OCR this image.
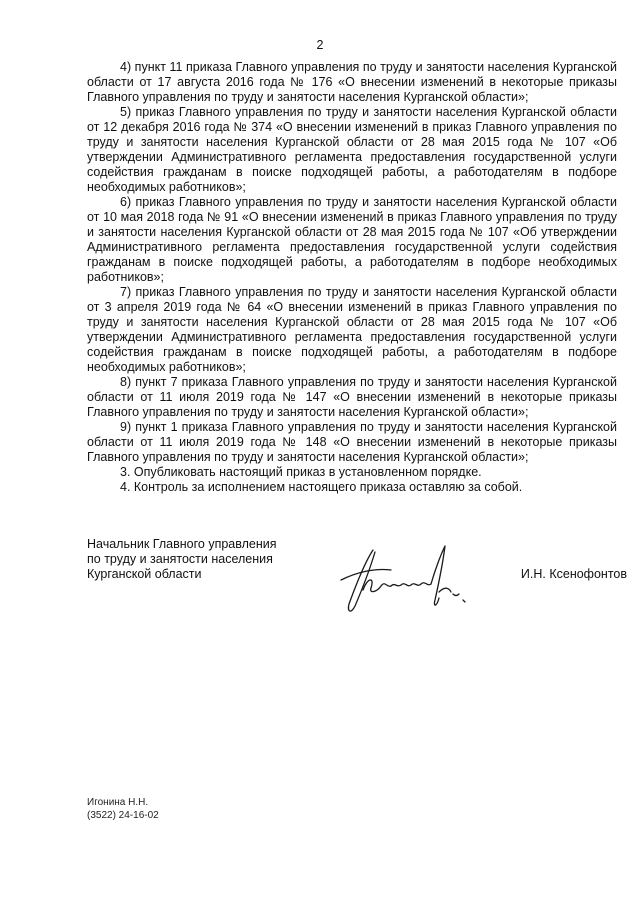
2

4) пункт 11 приказа Главного управления по труду и занятости населения Курганской области от 17 августа 2016 года № 176 «О внесении изменений в некоторые приказы Главного управления по труду и занятости населения Курганской области»;

5) приказ Главного управления по труду и занятости населения Курганской области от 12 декабря 2016 года № 374 «О внесении изменений в приказ Главного управления по труду и занятости населения Курганской области от 28 мая 2015 года № 107 «Об утверждении Административного регламента предоставления государственной услуги содействия гражданам в поиске подходящей работы, а работодателям в подборе необходимых работников»;

6) приказ Главного управления по труду и занятости населения Курганской области от 10 мая 2018 года № 91 «О внесении изменений в приказ Главного управления по труду и занятости населения Курганской области от 28 мая 2015 года № 107 «Об утверждении Административного регламента предоставления государственной услуги содействия гражданам в поиске подходящей работы, а работодателям в подборе необходимых работников»;

7) приказ Главного управления по труду и занятости населения Курганской области от 3 апреля 2019 года № 64 «О внесении изменений в приказ Главного управления по труду и занятости населения Курганской области от 28 мая 2015 года № 107 «Об утверждении Административного регламента предоставления государственной услуги содействия гражданам в поиске подходящей работы, а работодателям в подборе необходимых работников»;

8) пункт 7 приказа Главного управления по труду и занятости населения Курганской области от 11 июля 2019 года № 147 «О внесении изменений в некоторые приказы Главного управления по труду и занятости населения Курганской области»;

9) пункт 1 приказа Главного управления по труду и занятости населения Курганской области от 11 июля 2019 года № 148 «О внесении изменений в некоторые приказы Главного управления по труду и занятости населения Курганской области»;

3. Опубликовать настоящий приказ в установленном порядке.

4. Контроль за исполнением настоящего приказа оставляю за собой.

Начальник Главного управления
по труду и занятости населения
Курганской области	И.Н. Ксенофонтов
Игонина Н.Н.
(3522) 24-16-02
